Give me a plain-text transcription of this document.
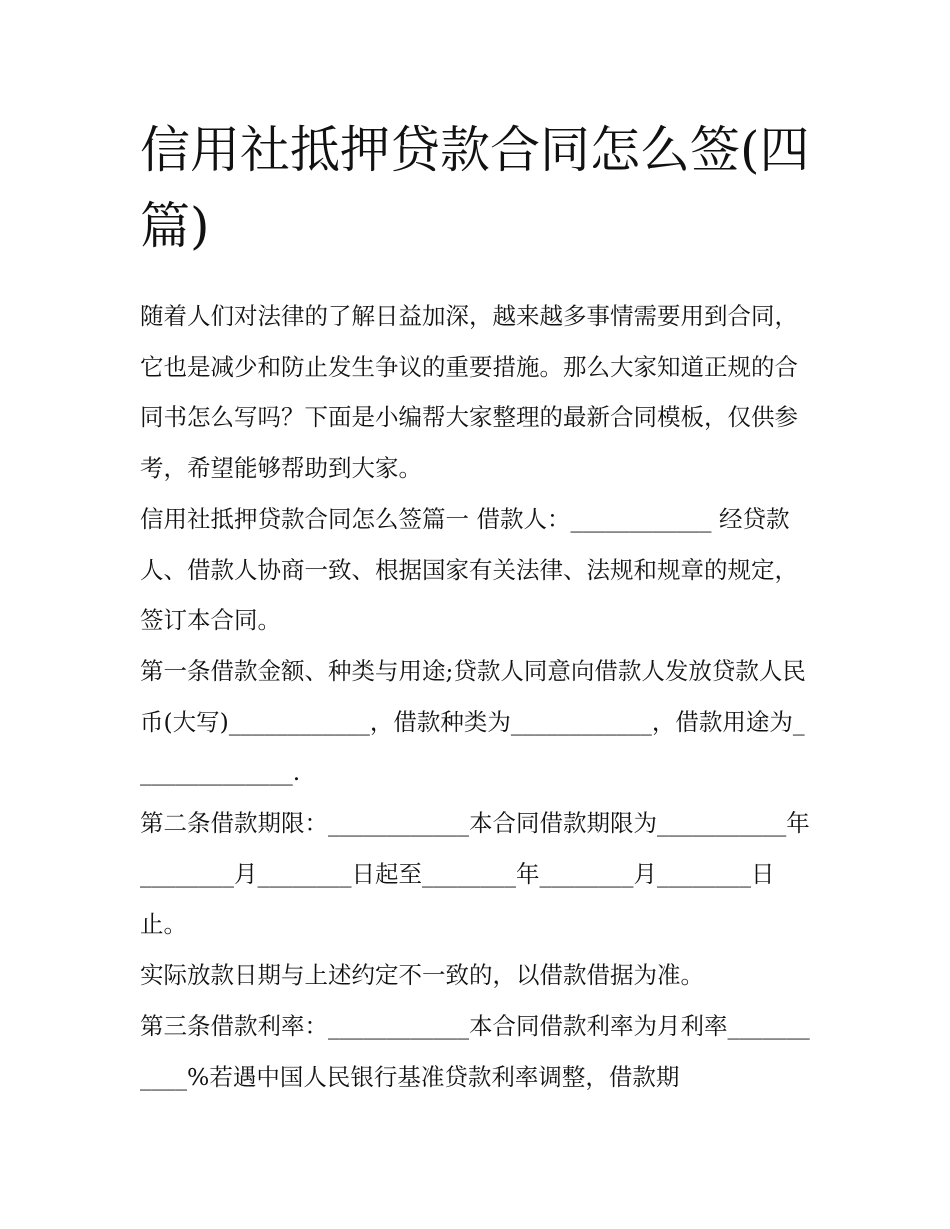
信用社抵押贷款合同怎么签(四篇)

随着人们对法律的了解日益加深，越来越多事情需要用到合同，它也是减少和防止发生争议的重要措施。那么大家知道正规的合同书怎么写吗？下面是小编帮大家整理的最新合同模板，仅供参考，希望能够帮助到大家。

信用社抵押贷款合同怎么签篇一 借款人：____________ 经贷款人、借款人协商一致、根据国家有关法律、法规和规章的规定，签订本合同。

第一条借款金额、种类与用途;贷款人同意向借款人发放贷款人民币(大写)____________，借款种类为____________，借款用途为______________.

第二条借款期限：____________本合同借款期限为___________年________月________日起至________年________月________日止。

实际放款日期与上述约定不一致的，以借款借据为准。

第三条借款利率：____________本合同借款利率为月利率___________%若遇中国人民银行基准贷款利率调整，借款期
